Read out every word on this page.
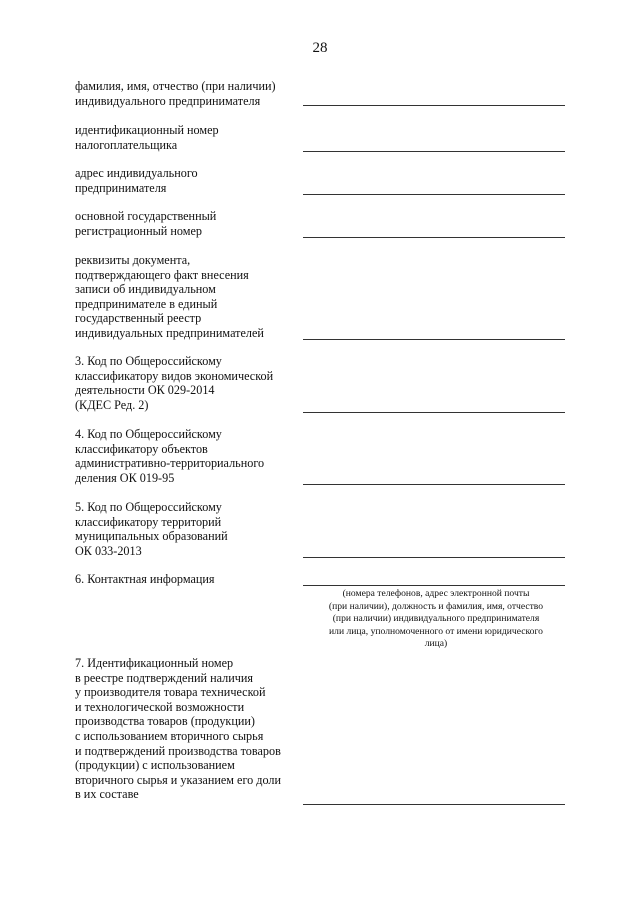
28
фамилия, имя, отчество (при наличии)
индивидуального предпринимателя
идентификационный номер
налогоплательщика
адрес индивидуального
предпринимателя
основной государственный
регистрационный номер
реквизиты документа,
подтверждающего факт внесения
записи об индивидуальном
предпринимателе в единый
государственный реестр
индивидуальных предпринимателей
3. Код по Общероссийскому
классификатору видов экономической
деятельности ОК 029-2014
(КДЕС Ред. 2)
4. Код по Общероссийскому
классификатору объектов
административно-территориального
деления ОК 019-95
5. Код по Общероссийскому
классификатору территорий
муниципальных образований
ОК 033-2013
6. Контактная информация
(номера телефонов, адрес электронной почты
(при наличии), должность и фамилия, имя, отчество
(при наличии) индивидуального предпринимателя
или лица, уполномоченного от имени юридического
лица)
7. Идентификационный номер
в реестре подтверждений наличия
у производителя товара технической
и технологической возможности
производства товаров (продукции)
с использованием вторичного сырья
и подтверждений производства товаров
(продукции) с использованием
вторичного сырья и указанием его доли
в их составе
